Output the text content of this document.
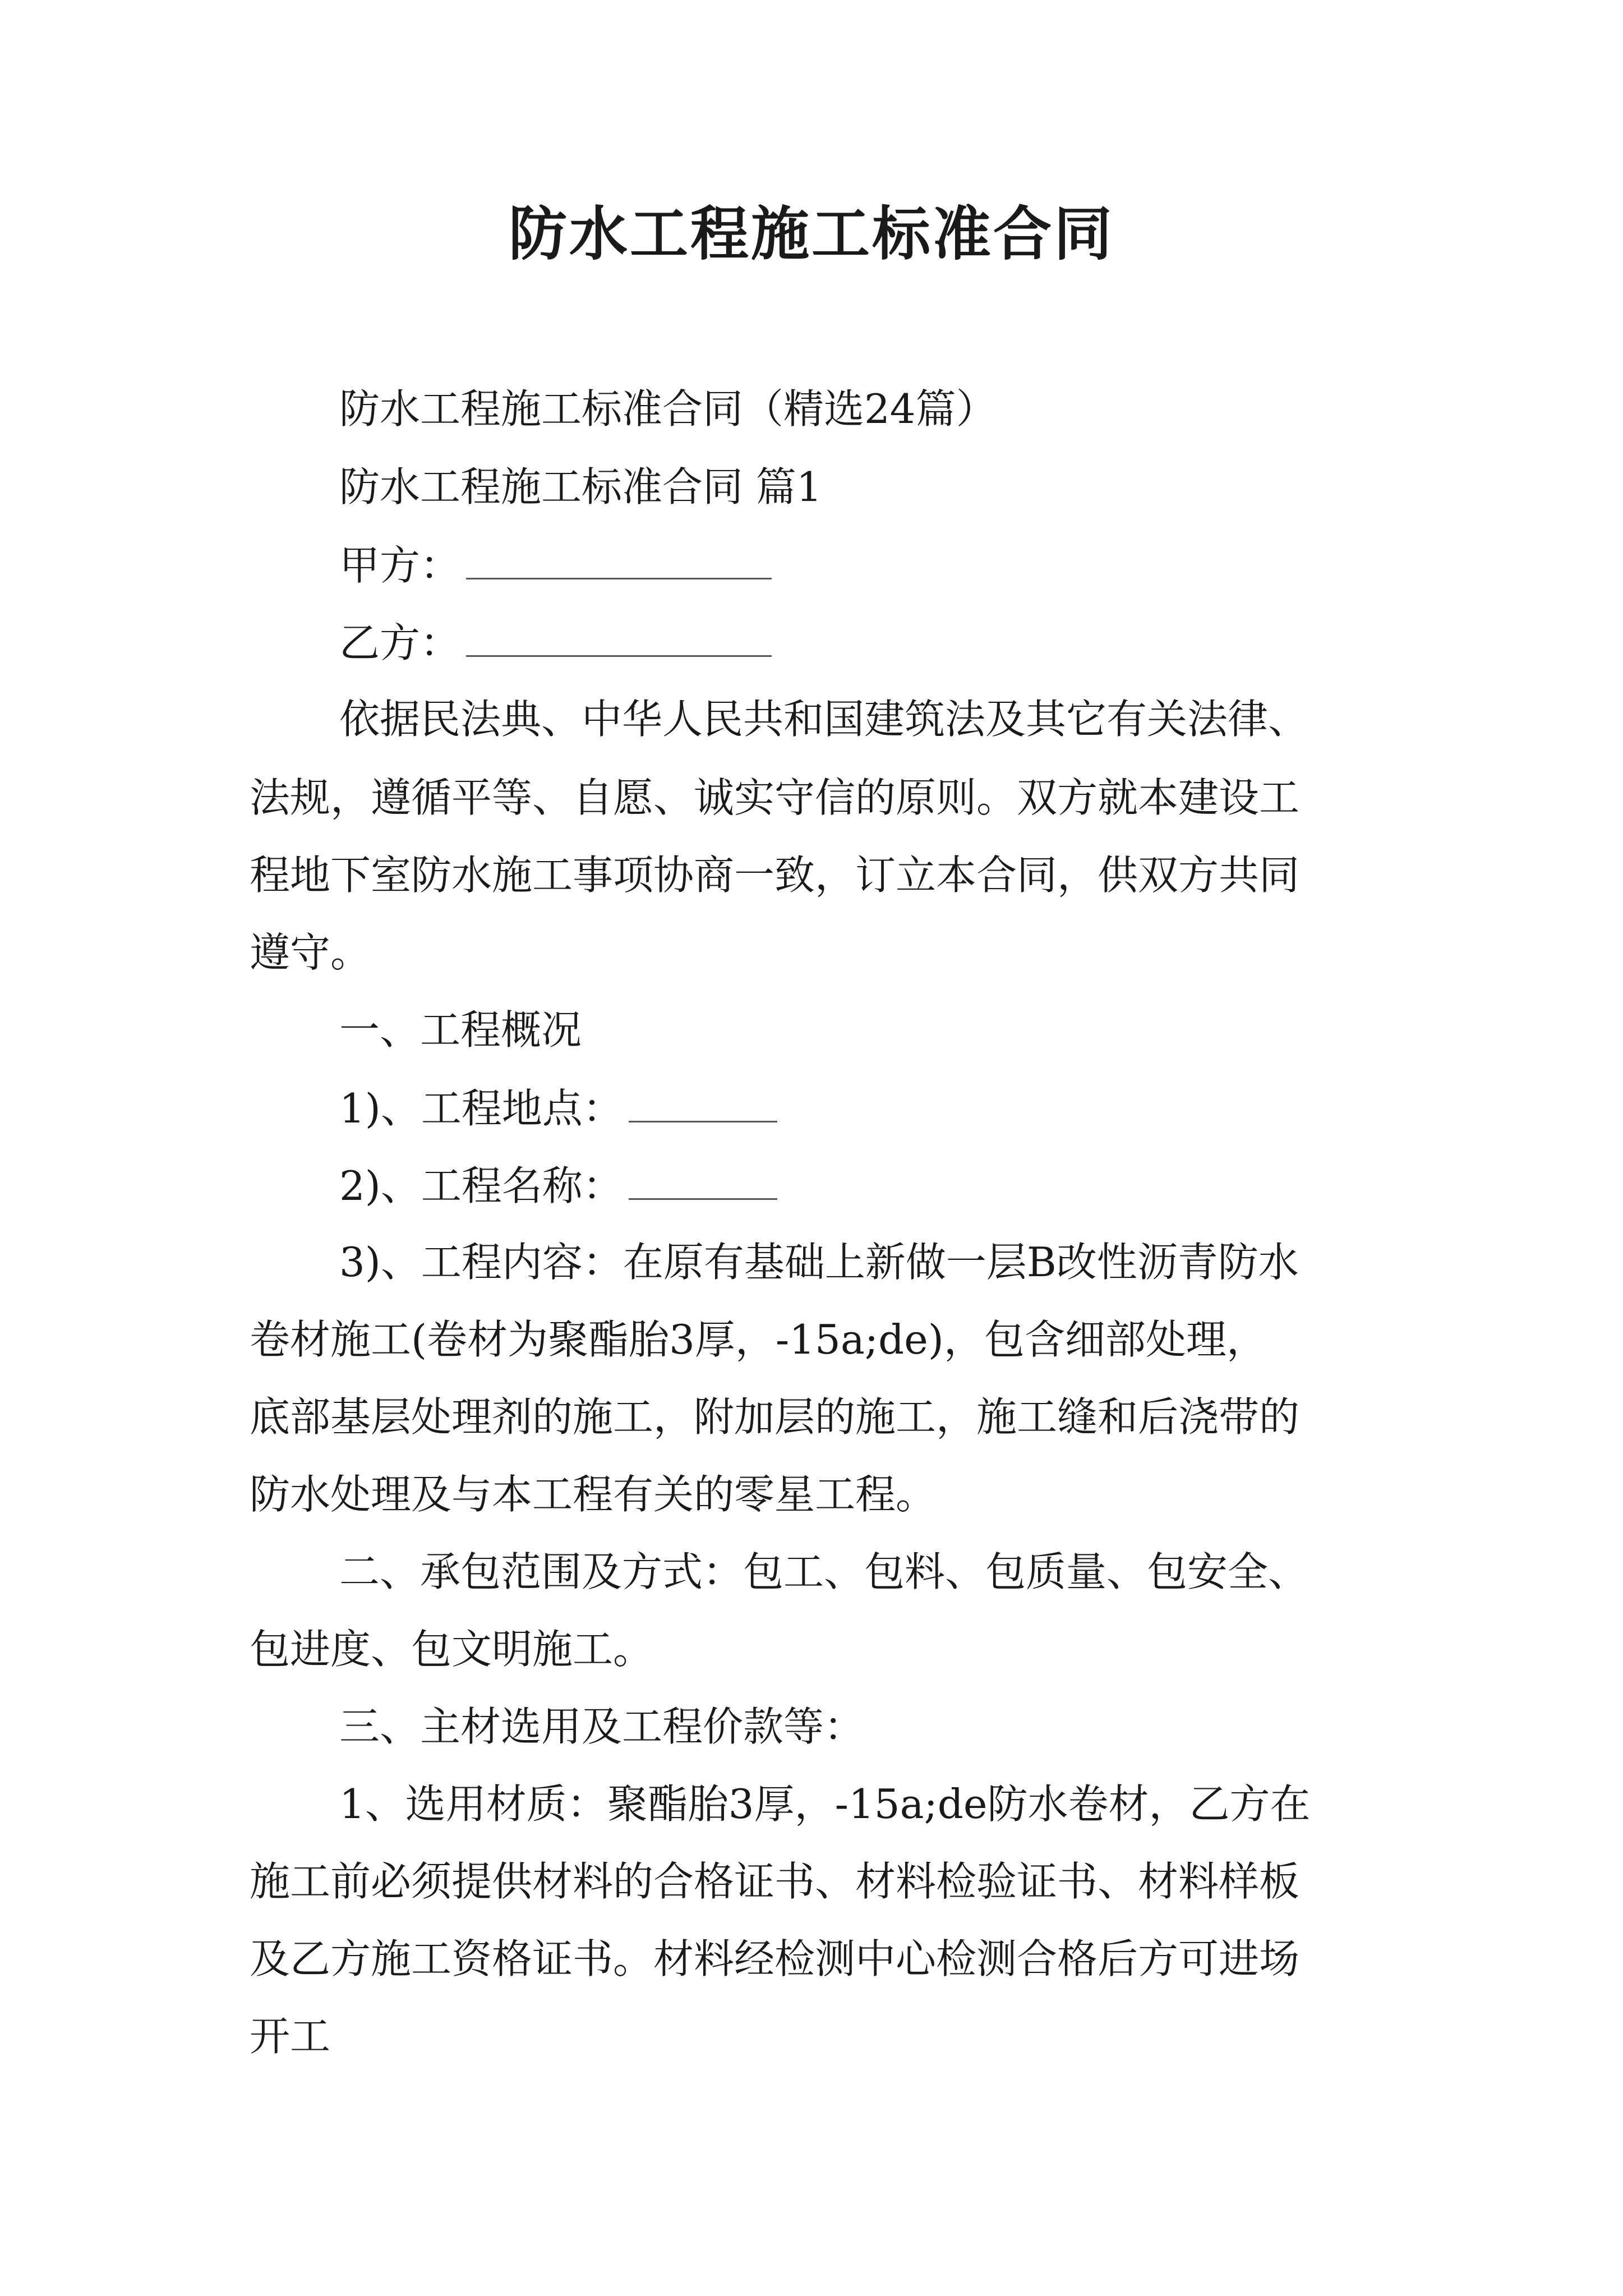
防水工程施工标准合同
防水工程施工标准合同（精选24篇）
防水工程施工标准合同 篇1
甲方：
乙方：
依据民法典、中华人民共和国建筑法及其它有关法律、
法规，遵循平等、自愿、诚实守信的原则。双方就本建设工
程地下室防水施工事项协商一致，订立本合同，供双方共同
遵守。
一、工程概况
1)、工程地点：
2)、工程名称：
3)、工程内容：在原有基础上新做一层B改性沥青防水
卷材施工(卷材为聚酯胎3厚，-15a;de)，包含细部处理，
底部基层处理剂的施工，附加层的施工，施工缝和后浇带的
防水处理及与本工程有关的零星工程。
二、承包范围及方式：包工、包料、包质量、包安全、
包进度、包文明施工。
三、主材选用及工程价款等：
1、选用材质：聚酯胎3厚，-15a;de防水卷材，乙方在
施工前必须提供材料的合格证书、材料检验证书、材料样板
及乙方施工资格证书。材料经检测中心检测合格后方可进场
开工
